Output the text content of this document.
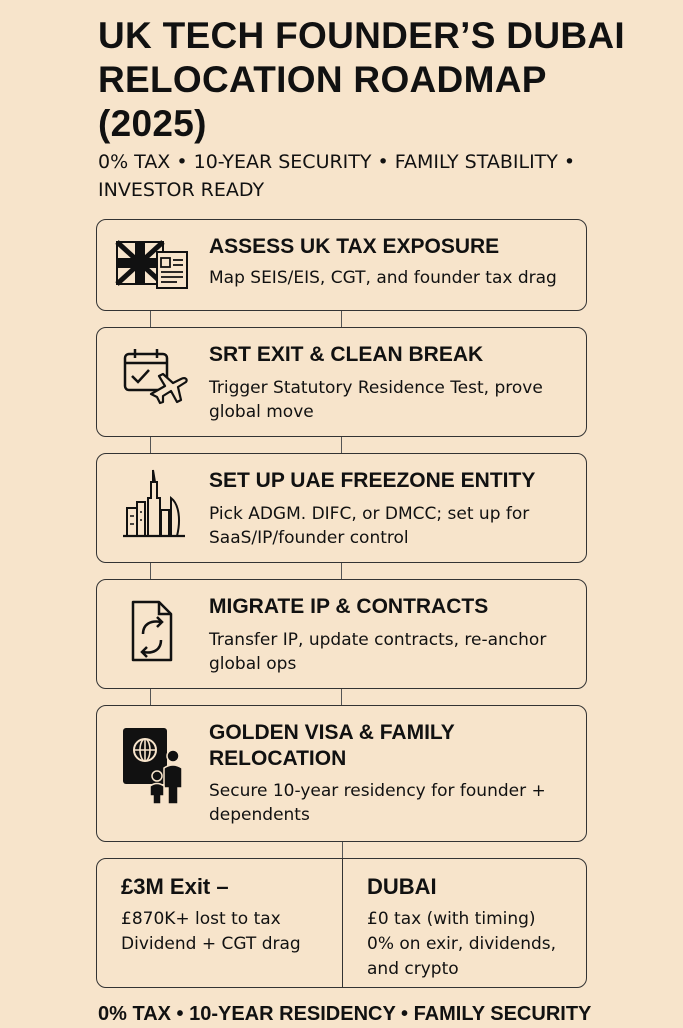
UK TECH FOUNDER’S DUBAI RELOCATION ROADMAP (2025)

0% TAX • 10-YEAR SECURITY • FAMILY STABILITY • INVESTOR READY

ASSESS UK TAX EXPOSURE

Map SEIS/EIS, CGT, and founder tax drag

SRT EXIT & CLEAN BREAK

Trigger Statutory Residence Test, prove global move

SET UP UAE FREEZONE ENTITY

Pick ADGM. DIFC, or DMCC; set up for SaaS/IP/founder control

MIGRATE IP & CONTRACTS

Transfer IP, update contracts, re-anchor global ops

GOLDEN VISA & FAMILY RELOCATION

Secure 10-year residency for founder + dependents

£3M Exit –

£870K+ lost to tax

Dividend + CGT drag

DUBAI

£0 tax (with timing)

0% on exir, dividends,

and crypto

0% TAX • 10-YEAR RESIDENCY • FAMILY SECURITY
